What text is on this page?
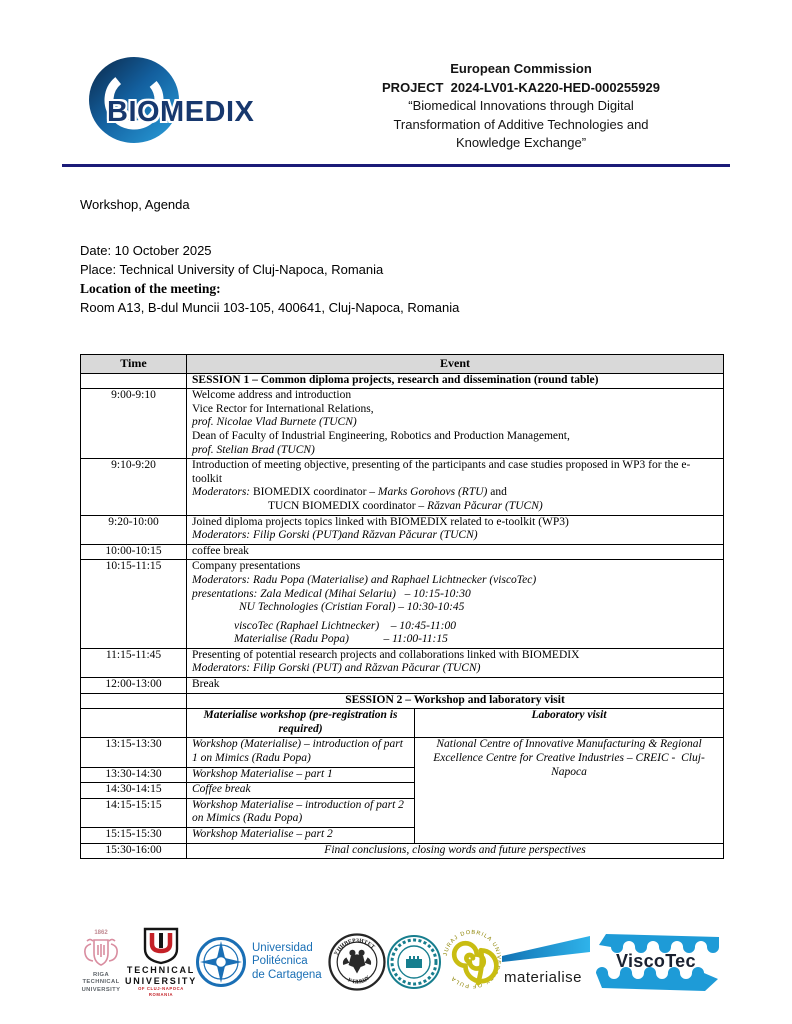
BIOMEDIX
European Commission
PROJECT  2024-LV01-KA220-HED-000255929
“Biomedical Innovations through Digital Transformation of Additive Technologies and Knowledge Exchange”
Workshop, Agenda
Date: 10 October 2025
Place: Technical University of Cluj-Napoca, Romania
Location of the meeting:
Room A13, B-dul Muncii 103-105, 400641, Cluj-Napoca, Romania
Time	Event	
	SESSION 1 – Common diploma projects, research and dissemination (round table)	
9:00-9:10	Welcome address and introduction
Vice Rector for International Relations,
prof. Nicolae Vlad Burnete (TUCN)
Dean of Faculty of Industrial Engineering, Robotics and Production Management,
prof. Stelian Brad (TUCN)	

9:10-9:20	Introduction of meeting objective, presenting of the participants and case studies proposed in WP3 for the e-toolkit
Moderators: BIOMEDIX coordinator – Marks Gorohovs (RTU) and
TUCN BIOMEDIX coordinator – Răzvan Păcurar (TUCN)	

9:20-10:00	Joined diploma projects topics linked with BIOMEDIX related to e-toolkit (WP3)
Moderators: Filip Gorski (PUT)and Răzvan Păcurar (TUCN)	

10:00-10:15	coffee break	

10:15-11:15	Company presentations
Moderators: Radu Popa (Materialise) and Raphael Lichtnecker (viscoTec)
presentations: Zala Medical (Mihai Selariu)   – 10:15-10:30
NU Technologies (Cristian Foral) – 10:30-10:45
viscoTec (Raphael Lichtnecker)    – 10:45-11:00
Materialise (Radu Popa)            – 11:00-11:15

11:15-11:45	Presenting of potential research projects and collaborations linked with BIOMEDIX
Moderators: Filip Gorski (PUT) and Răzvan Păcurar (TUCN)	

12:00-13:00	Break	

	SESSION 2 – Workshop and laboratory visit	
	Materialise workshop (pre-registration is required)	Laboratory visit
13:15-13:30	Workshop (Materialise) – introduction of part 1 on Mimics (Radu Popa)	National Centre of Innovative Manufacturing & Regional Excellence Centre for Creative Industries – CREIC -  Cluj-Napoca
13:30-14:30	Workshop Materialise – part 1	

14:30-14:15	Coffee break	

14:15-15:15	Workshop Materialise – introduction of part 2 on Mimics (Radu Popa)	

15:15-15:30	Workshop Materialise – part 2	

15:30-16:00	Final conclusions, closing words and future perspectives	
1862
RIGA TECHNICAL
UNIVERSITY
TECHNICAL
UNIVERSITY
OF CLUJ-NAPOCA
ROMANIA
Universidad
Politécnica
de Cartagena
УНИВЕРЗИТЕТ
У НИШУ
JURAJ DOBRILA UNIVERSITY OF PULA	materialise
ViscoTec
